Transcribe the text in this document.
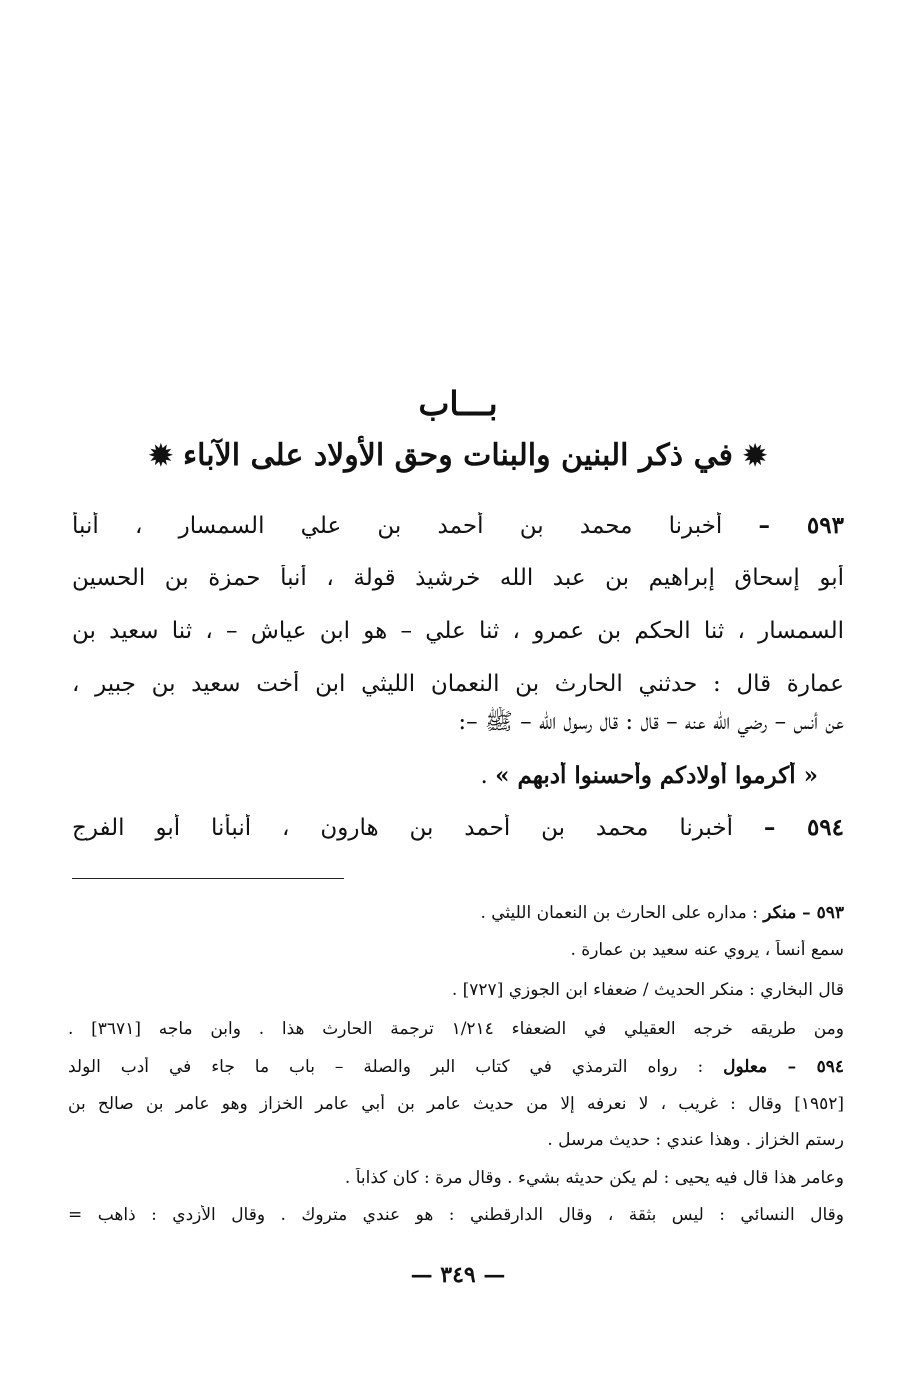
بـــاب
✹ في ذكر البنين والبنات وحق الأولاد على الآباء ✹
٥٩٣ – أخبرنا محمد بن أحمد بن علي السمسار ، أنبأ
أبو إسحاق إبراهيم بن عبد الله خرشيذ قولة ، أنبأ حمزة بن الحسين
السمسار ، ثنا الحكم بن عمرو ، ثنا علي – هو ابن عياش – ، ثنا سعيد بن
عمارة قال : حدثني الحارث بن النعمان الليثي ابن أخت سعيد بن جبير ،
عن أنس – رضي الله عنه – قال : قال رسول الله – ﷺ –:
« أكرموا أولادكم وأحسنوا أدبهم » .
٥٩٤ – أخبرنا محمد بن أحمد بن هارون ، أنبأنا أبو الفرج
٥٩٣ – منكر : مداره على الحارث بن النعمان الليثي .
سمع أنساً ، يروي عنه سعيد بن عمارة .
قال البخاري : منكر الحديث / ضعفاء ابن الجوزي [٧٢٧] .
ومن طريقه خرجه العقيلي في الضعفاء ١/٢١٤ ترجمة الحارث هذا . وابن ماجه [٣٦٧١] .
٥٩٤ – معلول : رواه الترمذي في كتاب البر والصلة – باب ما جاء في أدب الولد
[١٩٥٢] وقال : غريب ، لا نعرفه إلا من حديث عامر بن أبي عامر الخزاز وهو عامر بن صالح بن
رستم الخزاز . وهذا عندي : حديث مرسل .
وعامر هذا قال فيه يحيى : لم يكن حديثه بشيء . وقال مرة : كان كذاباً .
وقال النسائي : ليس بثقة ، وقال الدارقطني : هو عندي متروك . وقال الأزدي : ذاهب =
— ٣٤٩ —
